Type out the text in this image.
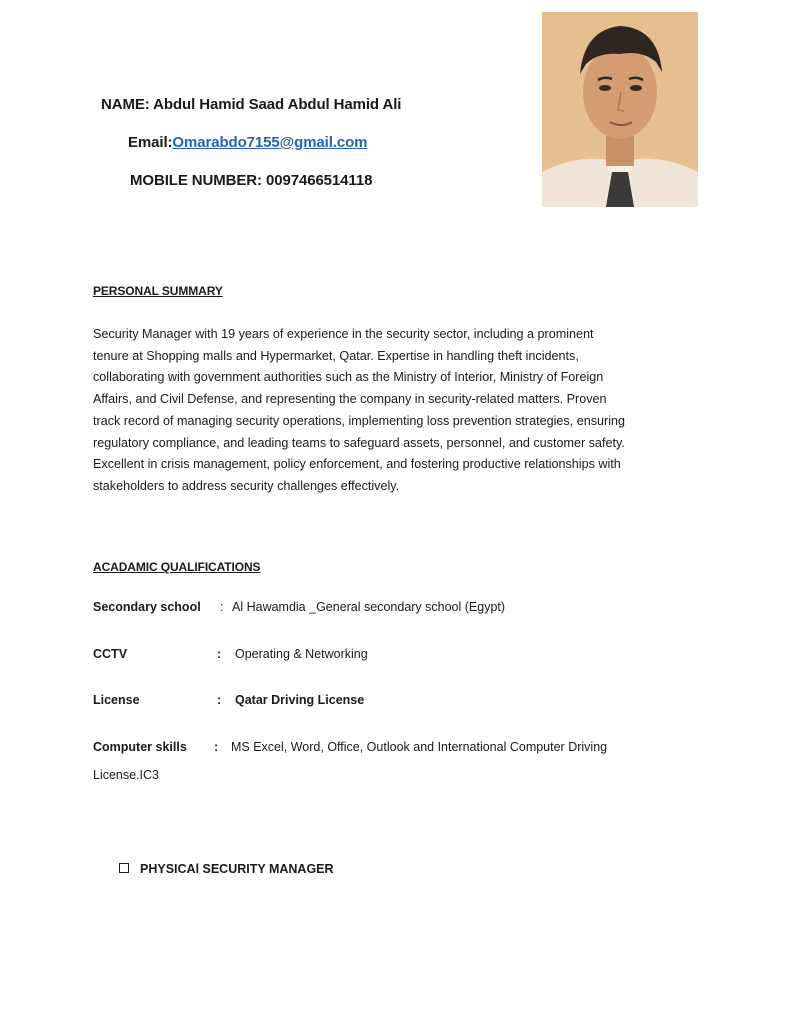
NAME: Abdul Hamid Saad Abdul Hamid Ali
Email:Omarabdo7155@gmail.com
MOBILE NUMBER: 0097466514118
PERSONAL SUMMARY
Security Manager with 19 years of experience in the security sector, including a prominent
tenure at Shopping malls and Hypermarket, Qatar. Expertise in handling theft incidents,
collaborating with government authorities such as the Ministry of Interior, Ministry of Foreign
Affairs, and Civil Defense, and representing the company in security-related matters. Proven
track record of managing security operations, implementing loss prevention strategies, ensuring
regulatory compliance, and leading teams to safeguard assets, personnel, and customer safety.
Excellent in crisis management, policy enforcement, and fostering productive relationships with
stakeholders to address security challenges effectively.
ACADAMIC QUALIFICATIONS
Secondary school : Al Hawamdia _General secondary school (Egypt)
CCTV	: Operating & Networking
License	: Qatar Driving License
Computer skills : MS Excel, Word, Office, Outlook and International Computer Driving
License.IC3
PHYSICAl SECURITY MANAGER
